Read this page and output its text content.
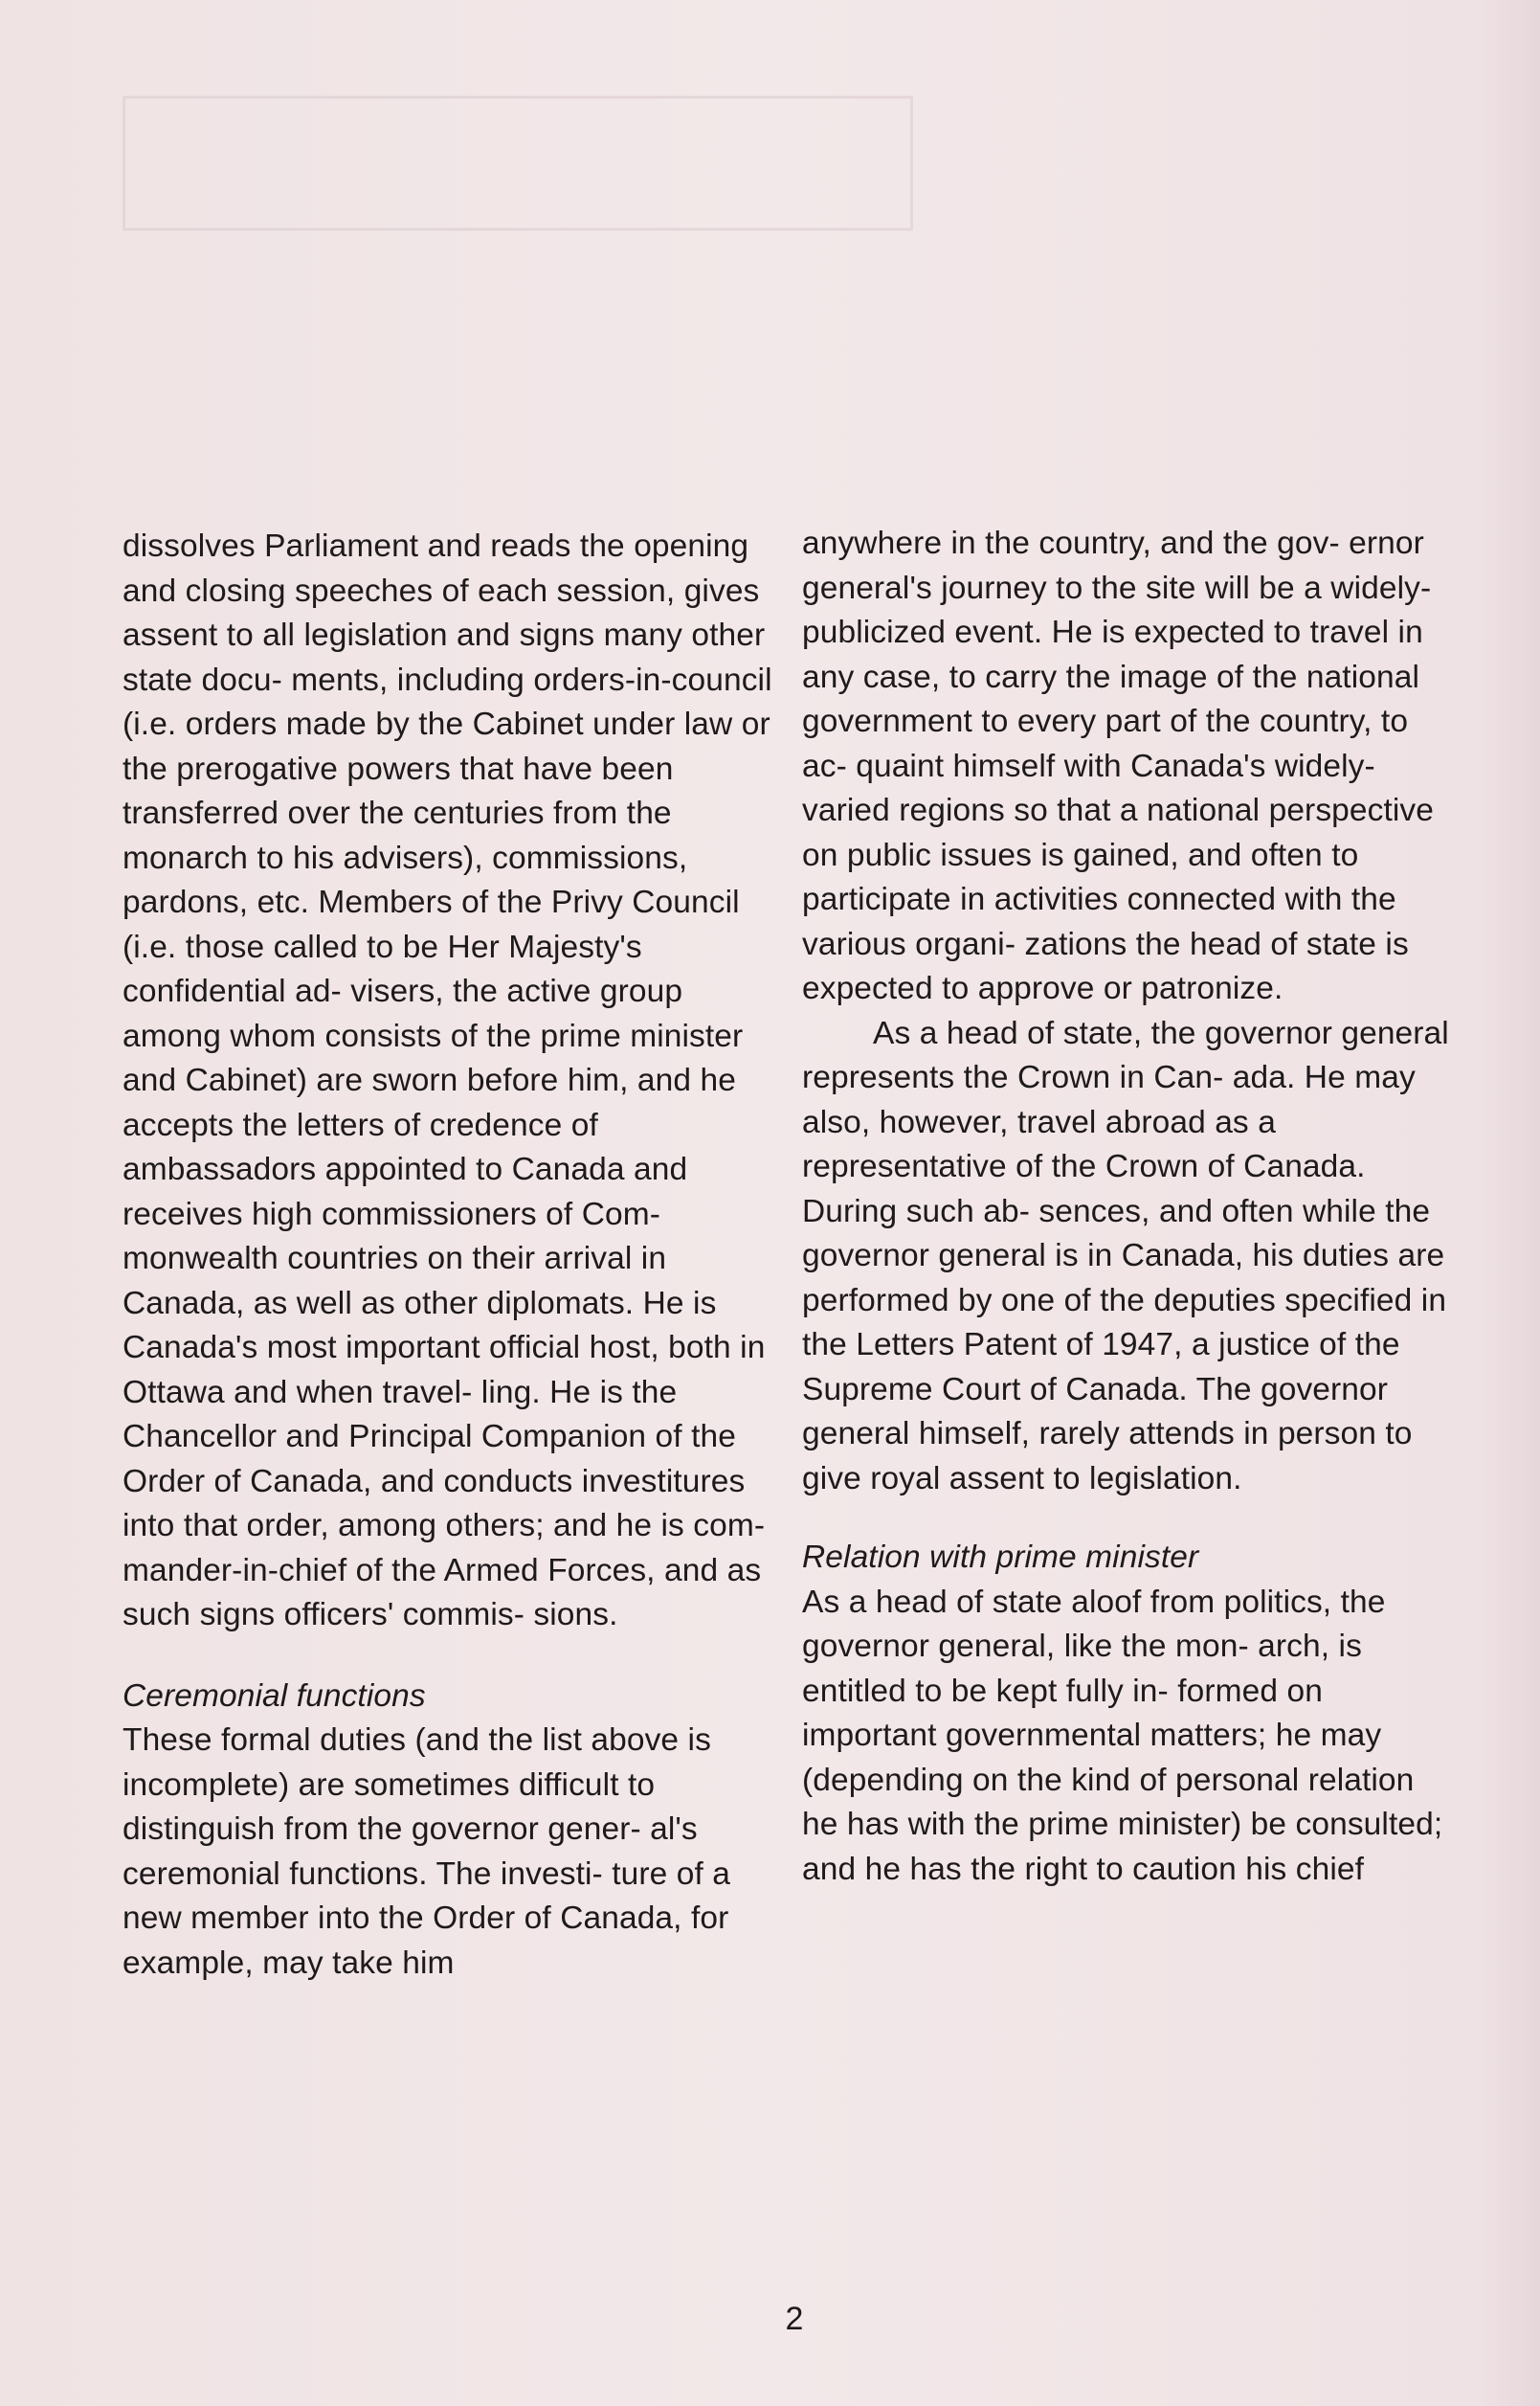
dissolves Parliament and reads the opening and closing speeches of each session, gives assent to all legislation and signs many other state docu- ments, including orders-in-council (i.e. orders made by the Cabinet under law or the prerogative powers that have been transferred over the centuries from the monarch to his advisers), commissions, pardons, etc. Members of the Privy Council (i.e. those called to be Her Majesty's confidential ad- visers, the active group among whom consists of the prime minister and Cabinet) are sworn before him, and he accepts the letters of credence of ambassadors appointed to Canada and receives high commissioners of Com- monwealth countries on their arrival in Canada, as well as other diplomats. He is Canada's most important official host, both in Ottawa and when travel- ling. He is the Chancellor and Principal Companion of the Order of Canada, and conducts investitures into that order, among others; and he is com- mander-in-chief of the Armed Forces, and as such signs officers' commis- sions.

Ceremonial functions

These formal duties (and the list above is incomplete) are sometimes difficult to distinguish from the governor gener- al's ceremonial functions. The investi- ture of a new member into the Order of Canada, for example, may take him

anywhere in the country, and the gov- ernor general's journey to the site will be a widely-publicized event. He is expected to travel in any case, to carry the image of the national government to every part of the country, to ac- quaint himself with Canada's widely- varied regions so that a national perspective on public issues is gained, and often to participate in activities connected with the various organi- zations the head of state is expected to approve or patronize.

As a head of state, the governor general represents the Crown in Can- ada. He may also, however, travel abroad as a representative of the Crown of Canada. During such ab- sences, and often while the governor general is in Canada, his duties are performed by one of the deputies specified in the Letters Patent of 1947, a justice of the Supreme Court of Canada. The governor general himself, rarely attends in person to give royal assent to legislation.

Relation with prime minister

As a head of state aloof from politics, the governor general, like the mon- arch, is entitled to be kept fully in- formed on important governmental matters; he may (depending on the kind of personal relation he has with the prime minister) be consulted; and he has the right to caution his chief

2
